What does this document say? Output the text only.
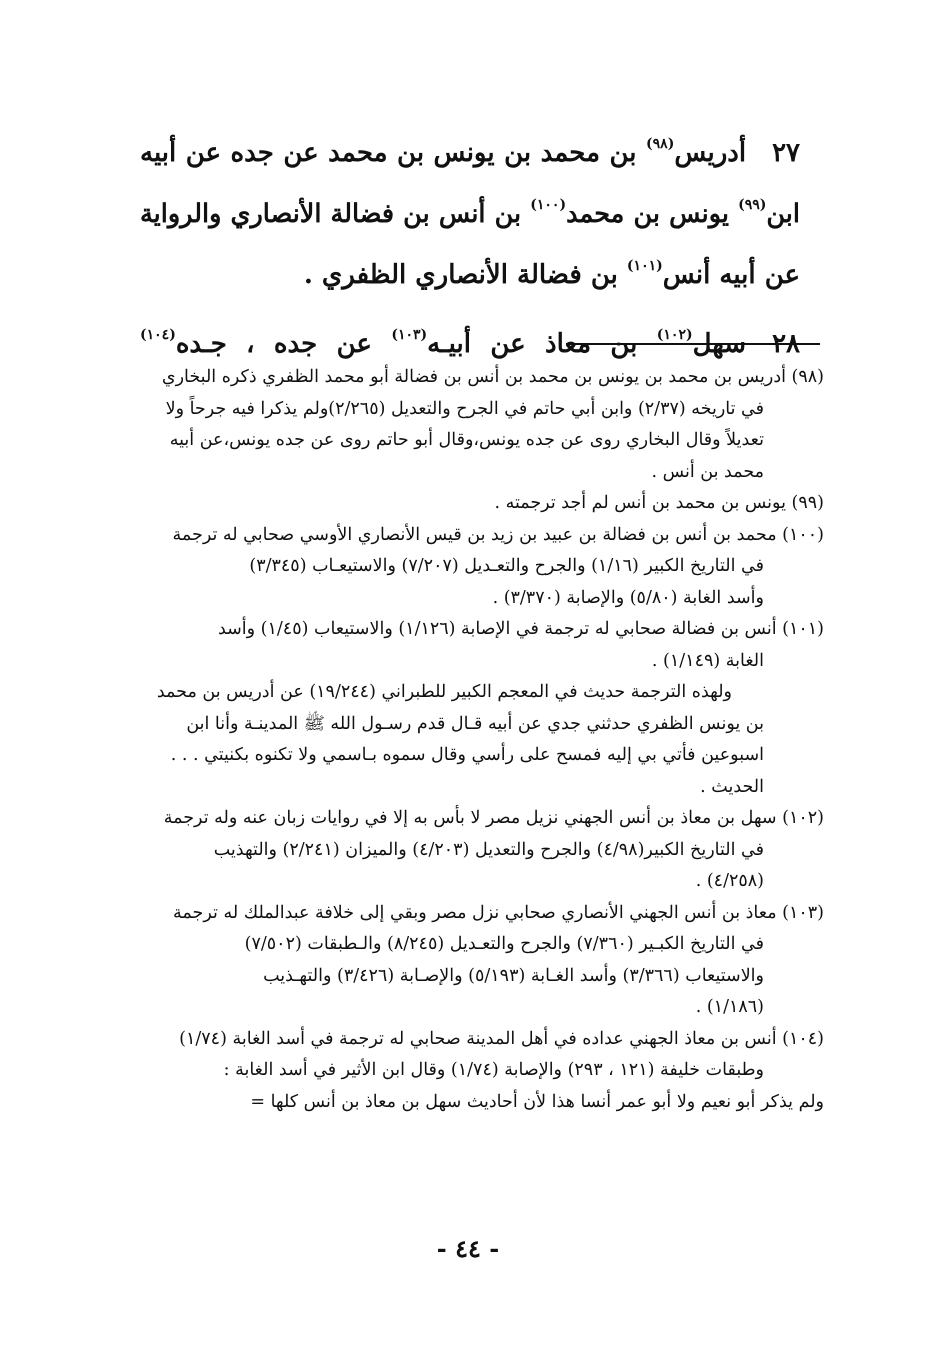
٢٧أدريس$^{(٩٨)}$ بن محمد بن يونس بن محمد عن جده عن أبيه
ابن$^{(٩٩)}$ يونس بن محمد$^{(١٠٠)}$ بن أنس بن فضالة الأنصاري والرواية
عن أبيه أنس$^{(١٠١)}$ بن فضالة الأنصاري الظفري .
٢٨سهل$^{(١٠٢)}$ بن معاذ عن أبيـه$^{(١٠٣)}$ عن جده ، جـده$^{(١٠٤)}$
(٩٨) أدريس بن محمد بن يونس بن محمد بن أنس بن فضالة أبو محمد الظفري ذكره البخاري
في تاريخه (٢/٣٧) وابن أبي حاتم في الجرح والتعديل (٢/٢٦٥)ولم يذكرا فيه جرحاً ولا
تعديلاً وقال البخاري روى عن جده يونس،وقال أبو حاتم روى عن جده يونس،عن أبيه
محمد بن أنس .
(٩٩) يونس بن محمد بن أنس لم أجد ترجمته .
(١٠٠) محمد بن أنس بن فضالة بن عبيد بن زيد بن قيس الأنصاري الأوسي صحابي له ترجمة
في التاريخ الكبير (١/١٦) والجرح والتعـديل (٧/٢٠٧) والاستيعـاب (٣/٣٤٥)
وأسد الغابة (٥/٨٠) والإصابة (٣/٣٧٠) .
(١٠١) أنس بن فضالة صحابي له ترجمة في الإصابة (١/١٢٦) والاستيعاب (١/٤٥) وأسد
الغابة (١/١٤٩) .
ولهذه الترجمة حديث في المعجم الكبير للطبراني (١٩/٢٤٤) عن أدريس بن محمد
بن يونس الظفري حدثني جدي عن أبيه قـال قدم رسـول الله ﷺ المدينـة وأنا ابن
اسبوعين فأتي بي إليه فمسح على رأسي وقال سموه بـاسمي ولا تكنوه بكنيتي . . .
الحديث .
(١٠٢) سهل بن معاذ بن أنس الجهني نزيل مصر لا بأس به إلا في روايات زبان عنه وله ترجمة
في التاريخ الكبير(٤/٩٨) والجرح والتعديل (٤/٢٠٣) والميزان (٢/٢٤١) والتهذيب
(٤/٢٥٨) .
(١٠٣) معاذ بن أنس الجهني الأنصاري صحابي نزل مصر وبقي إلى خلافة عبدالملك له ترجمة
في التاريخ الكبـير (٧/٣٦٠) والجرح والتعـديل (٨/٢٤٥) والـطبقات (٧/٥٠٢)
والاستيعاب (٣/٣٦٦) وأسد الغـابة (٥/١٩٣) والإصـابة (٣/٤٢٦) والتهـذيب
(١/١٨٦) .
(١٠٤) أنس بن معاذ الجهني عداده في أهل المدينة صحابي له ترجمة في أسد الغابة (١/٧٤)
وطبقات خليفة (١٢١ ، ٢٩٣) والإصابة (١/٧٤) وقال ابن الأثير في أسد الغابة :
ولم يذكر أبو نعيم ولا أبو عمر أنسا هذا لأن أحاديث سهل بن معاذ بن أنس كلها =
- ٤٤ -
